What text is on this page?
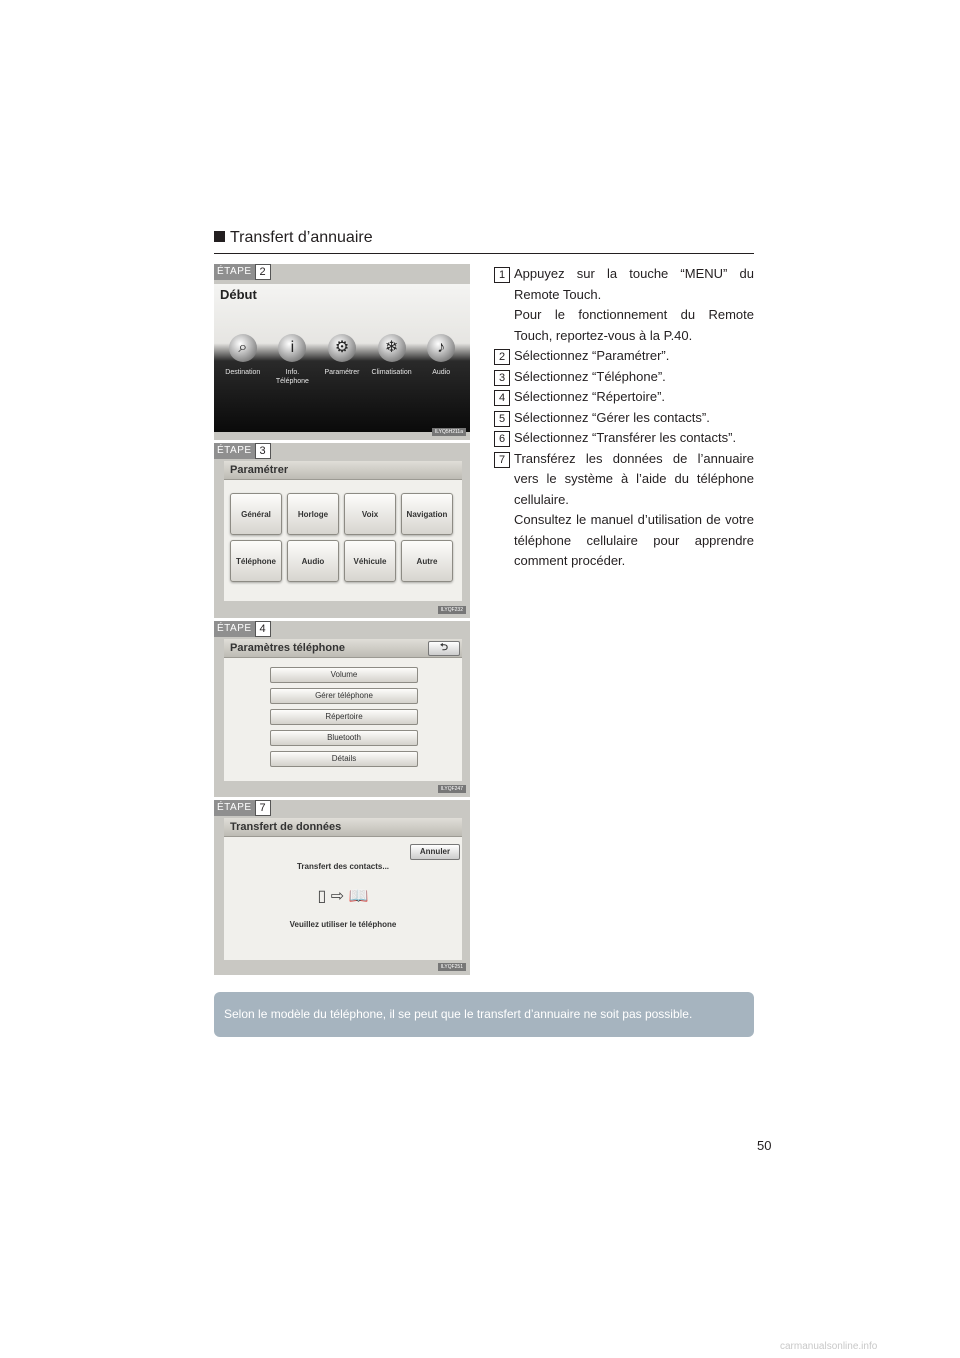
Transfert d’annuaire
ÉTAPE 2
Début
⌕
Destination
i
Info.
Téléphone
⚙
Paramétrer
❄
Climatisation
♪
Audio
ILYQ5H211a
ÉTAPE 3
Paramétrer
Général	Horloge	Voix	Navigation
Téléphone	Audio	Véhicule	Autre
ILYQF232
ÉTAPE 4
Paramètres téléphone	⮌
Volume
Gérer téléphone
Répertoire
Bluetooth
Détails
ILYQF247
ÉTAPE 7
Transfert de données
Annuler
Transfert des contacts...
▯ ⇨ 📖
Veuillez utiliser le téléphone
ILYQF251
1 Appuyez sur la touche “MENU” du Remote Touch.

Pour le fonctionnement du Remote Touch, reportez-vous à la P.40.

2 Sélectionnez “Paramétrer”.

3 Sélectionnez “Téléphone”.

4 Sélectionnez “Répertoire”.

5 Sélectionnez “Gérer les contacts”.

6 Sélectionnez “Transférer les contacts”.

7 Transférez les données de l’annuaire vers le système à l’aide du téléphone cellulaire.

Consultez le manuel d’utilisation de votre téléphone cellulaire pour apprendre comment procéder.

Selon le modèle du téléphone, il se peut que le transfert d’annuaire ne soit pas possible.
50
carmanualsonline.info
